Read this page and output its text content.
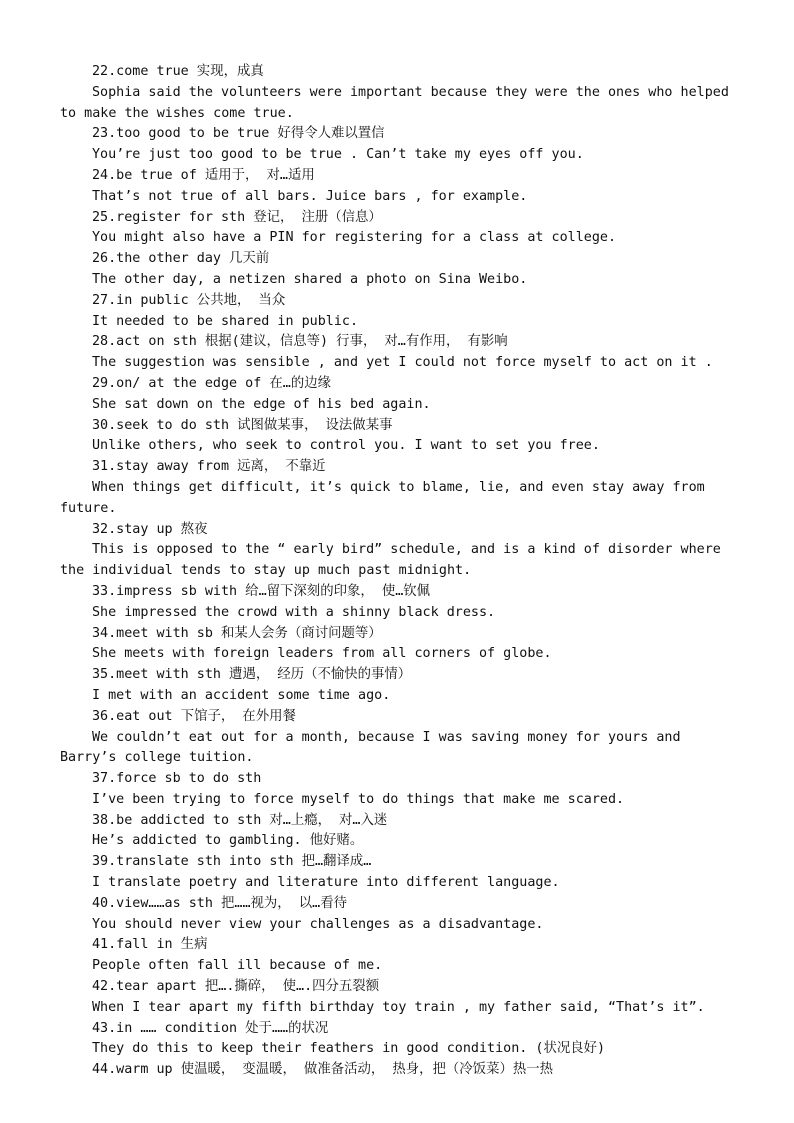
22.come true 实现，成真
Sophia said the volunteers were important because they were the ones who helped to make the wishes come true.
23.too good to be true 好得令人难以置信
You’re just too good to be true . Can’t take my eyes off you.
24.be true of 适用于， 对…适用
That’s not true of all bars. Juice bars , for example.
25.register for sth 登记， 注册（信息）
You might also have a PIN for registering for a class at college.
26.the other day 几天前
The other day, a netizen shared a photo on Sina Weibo.
27.in public 公共地， 当众
It needed to be shared in public.
28.act on sth 根据(建议，信息等) 行事， 对…有作用， 有影响
The suggestion was sensible , and yet I could not force myself to act on it .
29.on/ at the edge of 在…的边缘
She sat down on the edge of his bed again.
30.seek to do sth 试图做某事， 设法做某事
Unlike others, who seek to control you. I want to set you free.
31.stay away from 远离， 不靠近
When things get difficult, it’s quick to blame, lie, and even stay away from future.
32.stay up 熬夜
This is opposed to the “ early bird” schedule, and is a kind of disorder where the individual tends to stay up much past midnight.
33.impress sb with 给…留下深刻的印象， 使…钦佩
She impressed the crowd with a shinny black dress.
34.meet with sb 和某人会务（商讨问题等）
She meets with foreign leaders from all corners of globe.
35.meet with sth 遭遇， 经历（不愉快的事情）
I met with an accident some time ago.
36.eat out 下馆子， 在外用餐
We couldn’t eat out for a month, because I was saving money for yours and Barry’s college tuition.
37.force sb to do sth
I’ve been trying to force myself to do things that make me scared.
38.be addicted to sth 对…上瘾， 对…入迷
He’s addicted to gambling. 他好赌。
39.translate sth into sth 把…翻译成…
I translate poetry and literature into different language.
40.view……as sth 把……视为， 以…看待
You should never view your challenges as a disadvantage.
41.fall in 生病
People often fall ill because of me.
42.tear apart 把….撕碎， 使….四分五裂额
When I tear apart my fifth birthday toy train , my father said, “That’s it”.
43.in …… condition 处于……的状况
They do this to keep their feathers in good condition. (状况良好)
44.warm up 使温暖， 变温暖， 做准备活动， 热身，把（冷饭菜）热一热
